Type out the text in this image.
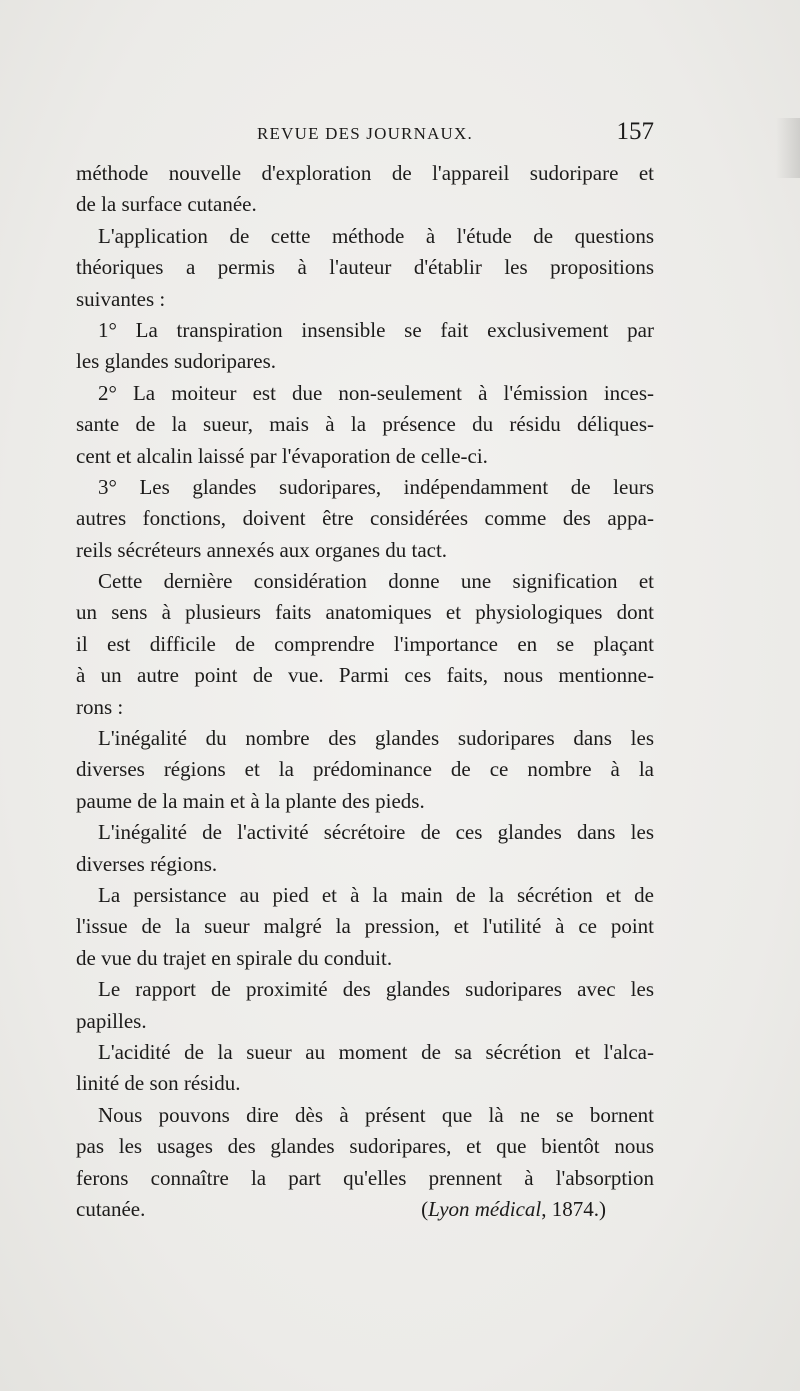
REVUE DES JOURNAUX.	157
méthode nouvelle d'exploration de l'appareil sudoripare et
de la surface cutanée.
L'application de cette méthode à l'étude de questions
théoriques a permis à l'auteur d'établir les propositions
suivantes :
1° La transpiration insensible se fait exclusivement par
les glandes sudoripares.
2° La moiteur est due non-seulement à l'émission inces-
sante de la sueur, mais à la présence du résidu déliques-
cent et alcalin laissé par l'évaporation de celle-ci.
3° Les glandes sudoripares, indépendamment de leurs
autres fonctions, doivent être considérées comme des appa-
reils sécréteurs annexés aux organes du tact.
Cette dernière considération donne une signification et
un sens à plusieurs faits anatomiques et physiologiques dont
il est difficile de comprendre l'importance en se plaçant
à un autre point de vue. Parmi ces faits, nous mentionne-
rons :
L'inégalité du nombre des glandes sudoripares dans les
diverses régions et la prédominance de ce nombre à la
paume de la main et à la plante des pieds.
L'inégalité de l'activité sécrétoire de ces glandes dans les
diverses régions.
La persistance au pied et à la main de la sécrétion et de
l'issue de la sueur malgré la pression, et l'utilité à ce point
de vue du trajet en spirale du conduit.
Le rapport de proximité des glandes sudoripares avec les
papilles.
L'acidité de la sueur au moment de sa sécrétion et l'alca-
linité de son résidu.
Nous pouvons dire dès à présent que là ne se bornent
pas les usages des glandes sudoripares, et que bientôt nous
ferons connaître la part qu'elles prennent à l'absorption
cutanée.	(Lyon médical, 1874.)
